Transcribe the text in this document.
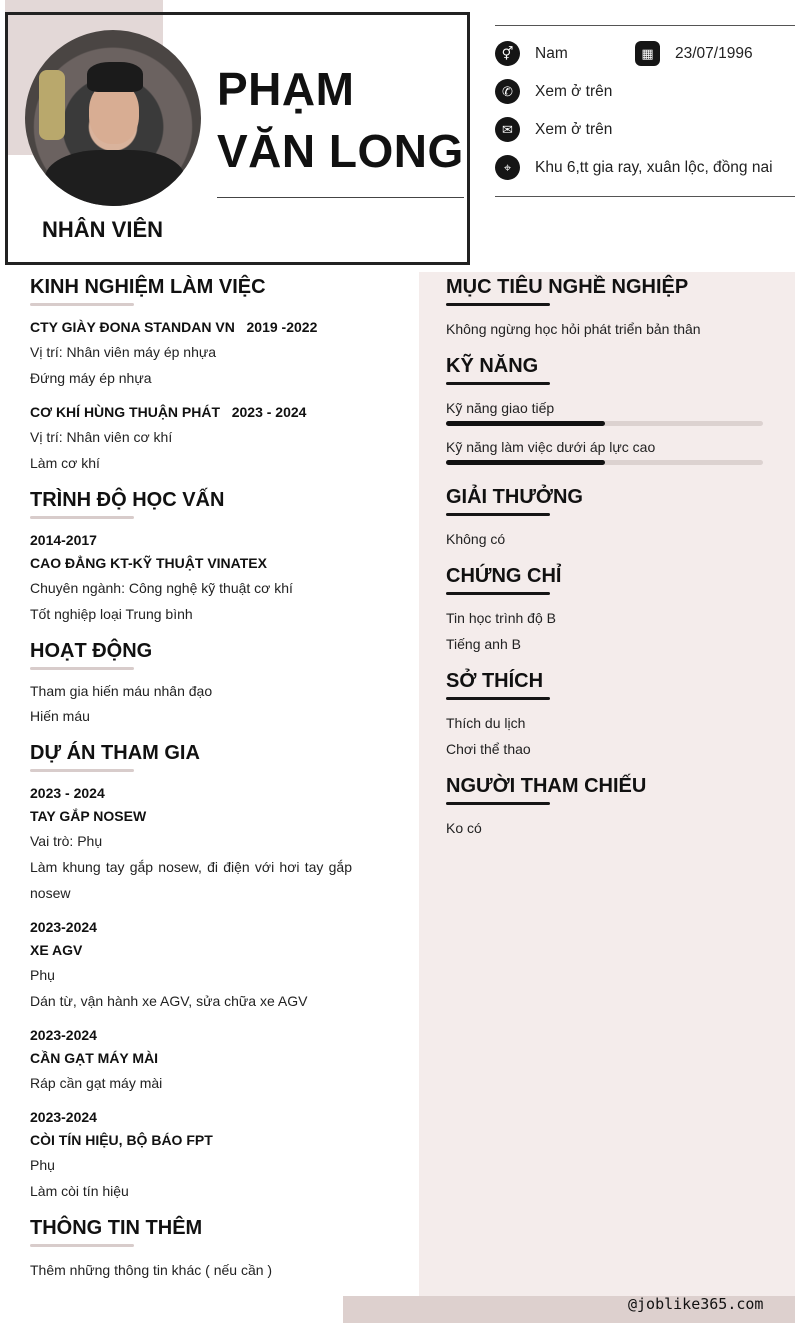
PHẠM
VĂN LONG
NHÂN VIÊN
⚥	Nam	▦	23/07/1996
✆	Xem ở trên
✉	Xem ở trên
⌖	Khu 6,tt gia ray, xuân lộc, đồng nai
KINH NGHIỆM LÀM VIỆC
CTY GIÀY ĐONA STANDAN VN 2019 -2022
Vị trí: Nhân viên máy ép nhựa
Đứng máy ép nhựa
CƠ KHÍ HÙNG THUẬN PHÁT 2023 - 2024
Vị trí: Nhân viên cơ khí
Làm cơ khí
TRÌNH ĐỘ HỌC VẤN
2014-2017
CAO ĐẲNG KT-KỸ THUẬT VINATEX
Chuyên ngành: Công nghệ kỹ thuật cơ khí
Tốt nghiệp loại Trung bình
HOẠT ĐỘNG
Tham gia hiến máu nhân đạo
Hiến máu
DỰ ÁN THAM GIA
2023 - 2024
TAY GẮP NOSEW
Vai trò: Phụ
Làm khung tay gắp nosew, đi điện với hơi tay gắp nosew
2023-2024
XE AGV
Phụ
Dán từ, vận hành xe AGV, sửa chữa xe AGV
2023-2024
CẦN GẠT MÁY MÀI
Ráp cần gạt máy mài
2023-2024
CÒI TÍN HIỆU, BỘ BÁO FPT
Phụ
Làm còi tín hiệu
THÔNG TIN THÊM
Thêm những thông tin khác ( nếu cần )
MỤC TIÊU NGHỀ NGHIỆP
Không ngừng học hỏi phát triển bản thân
KỸ NĂNG
Kỹ năng giao tiếp
Kỹ năng làm việc dưới áp lực cao
GIẢI THƯỞNG
Không có
CHỨNG CHỈ
Tin học trình độ B
Tiếng anh B
SỞ THÍCH
Thích du lịch
Chơi thể thao
NGƯỜI THAM CHIẾU
Ko có
@joblike365.com
